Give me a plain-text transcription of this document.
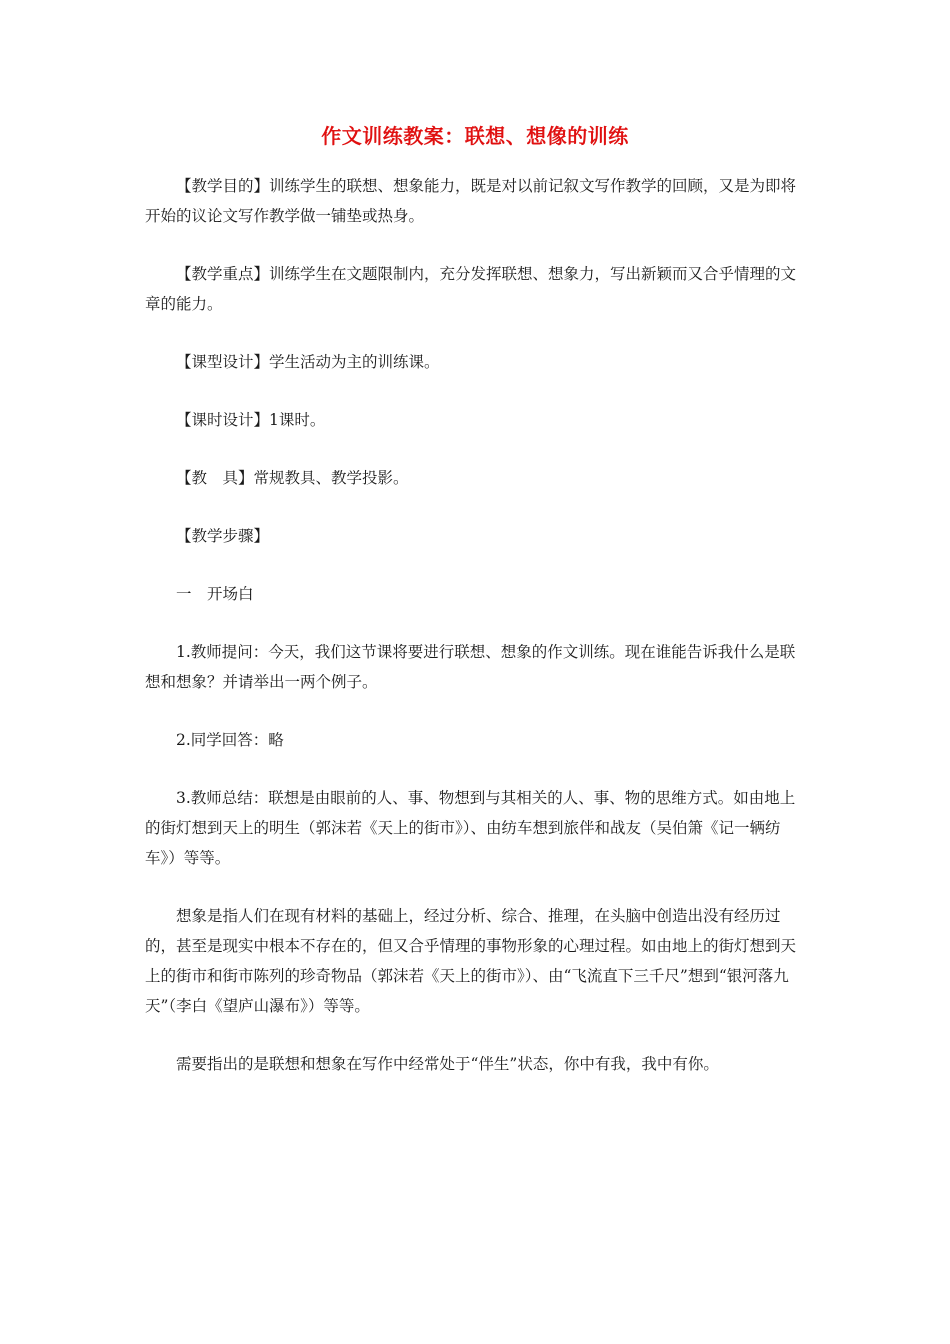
作文训练教案：联想、想像的训练

【教学目的】训练学生的联想、想象能力，既是对以前记叙文写作教学的回顾，又是为即将开始的议论文写作教学做一铺垫或热身。

【教学重点】训练学生在文题限制内，充分发挥联想、想象力，写出新颖而又合乎情理的文章的能力。

【课型设计】学生活动为主的训练课。

【课时设计】1课时。

【教　具】常规教具、教学投影。

【教学步骤】

一　开场白

1.教师提问：今天，我们这节课将要进行联想、想象的作文训练。现在谁能告诉我什么是联想和想象？并请举出一两个例子。

2.同学回答：略

3.教师总结：联想是由眼前的人、事、物想到与其相关的人、事、物的思维方式。如由地上的街灯想到天上的明生（郭沫若《天上的街市》）、由纺车想到旅伴和战友（吴伯箫《记一辆纺车》）等等。

想象是指人们在现有材料的基础上，经过分析、综合、推理，在头脑中创造出没有经历过的，甚至是现实中根本不存在的，但又合乎情理的事物形象的心理过程。如由地上的街灯想到天上的街市和街市陈列的珍奇物品（郭沫若《天上的街市》）、由“飞流直下三千尺”想到“银河落九天”（李白《望庐山瀑布》）等等。

需要指出的是联想和想象在写作中经常处于“伴生”状态，你中有我，我中有你。
